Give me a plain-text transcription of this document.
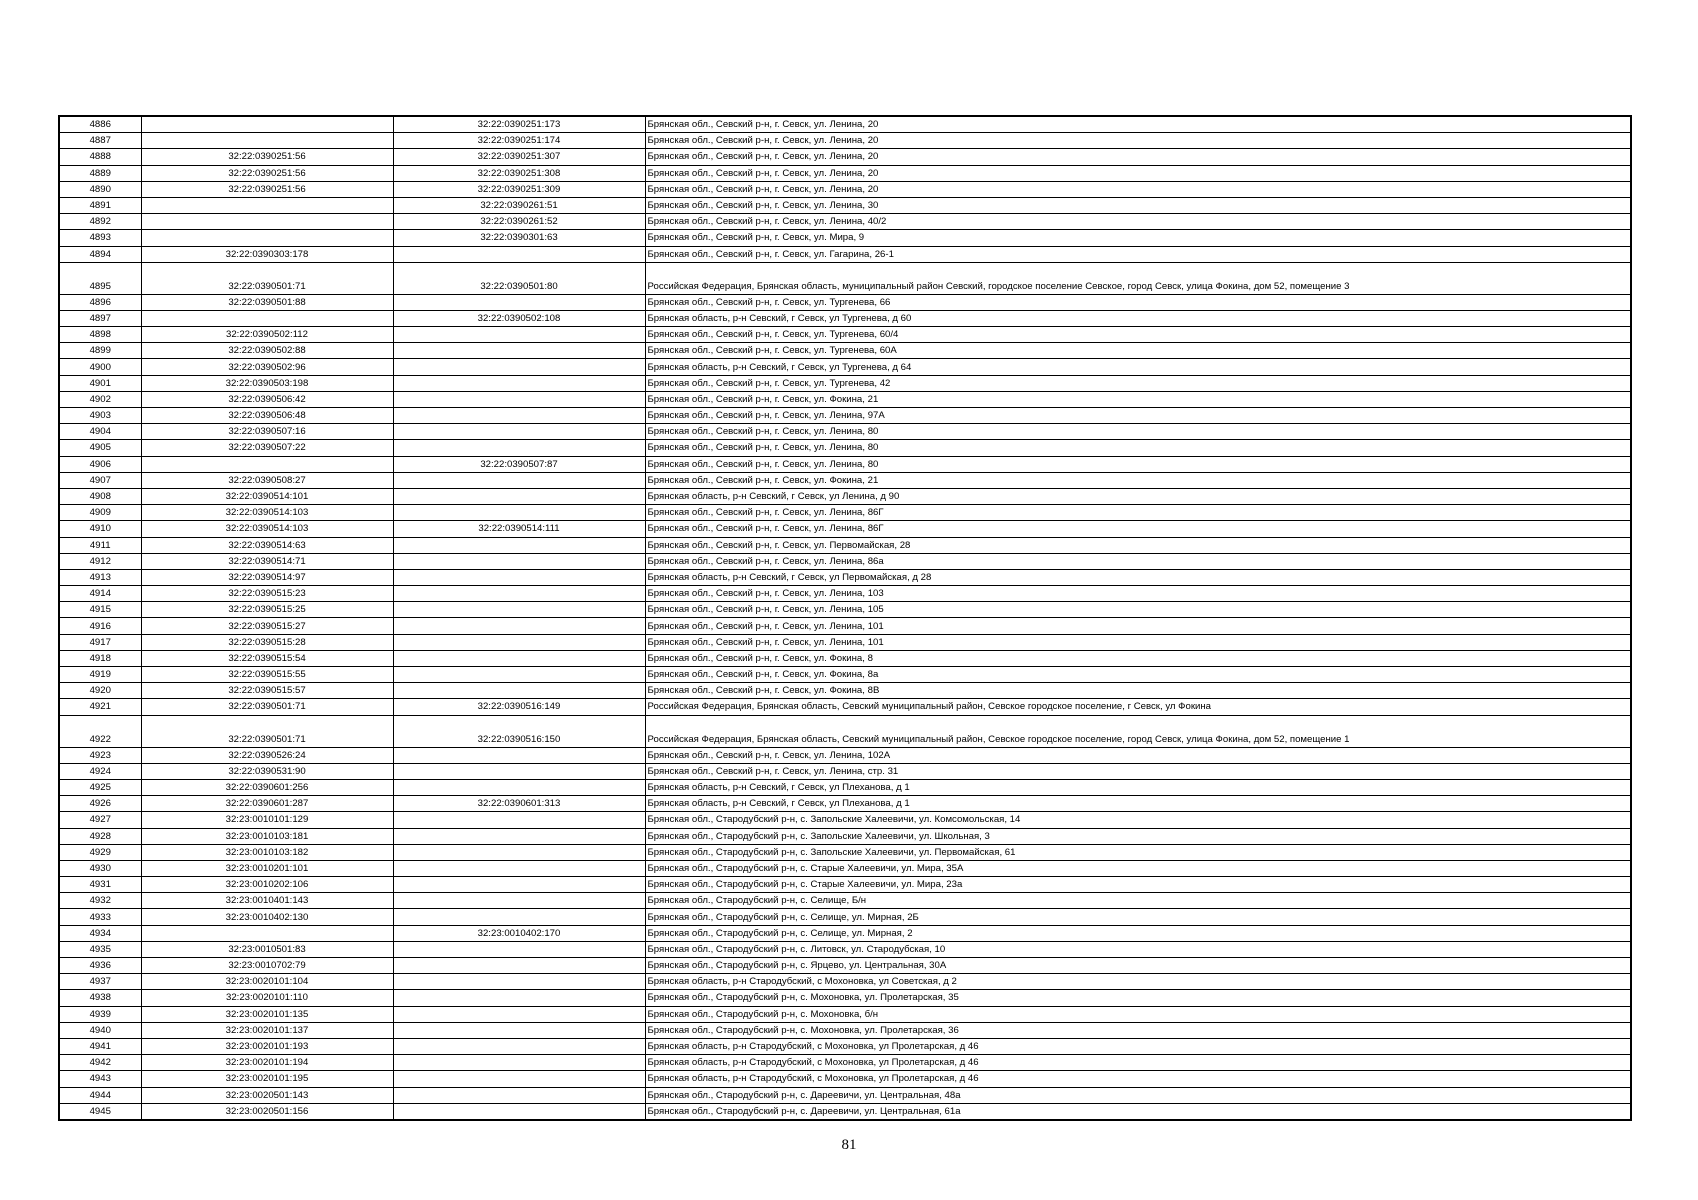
4886		32:22:0390251:173	Брянская обл., Севский р-н, г. Севск, ул. Ленина, 20
4887		32:22:0390251:174	Брянская обл., Севский р-н, г. Севск, ул. Ленина, 20
4888	32:22:0390251:56	32:22:0390251:307	Брянская обл., Севский р-н, г. Севск, ул. Ленина, 20
4889	32:22:0390251:56	32:22:0390251:308	Брянская обл., Севский р-н, г. Севск, ул. Ленина, 20
4890	32:22:0390251:56	32:22:0390251:309	Брянская обл., Севский р-н, г. Севск, ул. Ленина, 20
4891		32:22:0390261:51	Брянская обл., Севский р-н, г. Севск, ул. Ленина, 30
4892		32:22:0390261:52	Брянская обл., Севский р-н, г. Севск, ул. Ленина, 40/2
4893		32:22:0390301:63	Брянская обл., Севский р-н, г. Севск, ул. Мира, 9
4894	32:22:0390303:178		Брянская обл., Севский р-н, г. Севск, ул. Гагарина, 26-1
4895	32:22:0390501:71	32:22:0390501:80	Российская Федерация, Брянская область, муниципальный район Севский, городское поселение Севское, город Севск, улица Фокина, дом 52, помещение 3
4896	32:22:0390501:88		Брянская обл., Севский р-н, г. Севск, ул. Тургенева, 66
4897		32:22:0390502:108	Брянская область, р-н Севский, г Севск, ул Тургенева, д 60
4898	32:22:0390502:112		Брянская обл., Севский р-н, г. Севск, ул. Тургенева, 60/4
4899	32:22:0390502:88		Брянская обл., Севский р-н, г. Севск, ул. Тургенева, 60А
4900	32:22:0390502:96		Брянская область, р-н Севский, г Севск, ул Тургенева, д 64
4901	32:22:0390503:198		Брянская обл., Севский р-н, г. Севск, ул. Тургенева, 42
4902	32:22:0390506:42		Брянская обл., Севский р-н, г. Севск, ул. Фокина, 21
4903	32:22:0390506:48		Брянская обл., Севский р-н, г. Севск, ул. Ленина, 97А
4904	32:22:0390507:16		Брянская обл., Севский р-н, г. Севск, ул. Ленина, 80
4905	32:22:0390507:22		Брянская обл., Севский р-н, г. Севск, ул. Ленина, 80
4906		32:22:0390507:87	Брянская обл., Севский р-н, г. Севск, ул. Ленина, 80
4907	32:22:0390508:27		Брянская обл., Севский р-н, г. Севск, ул. Фокина, 21
4908	32:22:0390514:101		Брянская область, р-н Севский, г Севск, ул Ленина, д 90
4909	32:22:0390514:103		Брянская обл., Севский р-н, г. Севск, ул. Ленина, 86Г
4910	32:22:0390514:103	32:22:0390514:111	Брянская обл., Севский р-н, г. Севск, ул. Ленина, 86Г
4911	32:22:0390514:63		Брянская обл., Севский р-н, г. Севск, ул. Первомайская, 28
4912	32:22:0390514:71		Брянская обл., Севский р-н, г. Севск, ул. Ленина, 86а
4913	32:22:0390514:97		Брянская область, р-н Севский, г Севск, ул Первомайская, д 28
4914	32:22:0390515:23		Брянская обл., Севский р-н, г. Севск, ул. Ленина, 103
4915	32:22:0390515:25		Брянская обл., Севский р-н, г. Севск, ул. Ленина, 105
4916	32:22:0390515:27		Брянская обл., Севский р-н, г. Севск, ул. Ленина, 101
4917	32:22:0390515:28		Брянская обл., Севский р-н, г. Севск, ул. Ленина, 101
4918	32:22:0390515:54		Брянская обл., Севский р-н, г. Севск, ул. Фокина, 8
4919	32:22:0390515:55		Брянская обл., Севский р-н, г. Севск, ул. Фокина, 8а
4920	32:22:0390515:57		Брянская обл., Севский р-н, г. Севск, ул. Фокина, 8В
4921	32:22:0390501:71	32:22:0390516:149	Российская Федерация, Брянская область, Севский муниципальный район, Севское городское поселение, г Севск, ул Фокина
4922	32:22:0390501:71	32:22:0390516:150	Российская Федерация, Брянская область, Севский муниципальный район, Севское городское поселение, город Севск, улица Фокина, дом 52, помещение 1
4923	32:22:0390526:24		Брянская обл., Севский р-н, г. Севск, ул. Ленина, 102А
4924	32:22:0390531:90		Брянская обл., Севский р-н, г. Севск, ул. Ленина, стр. 31
4925	32:22:0390601:256		Брянская область, р-н Севский, г Севск, ул Плеханова, д 1
4926	32:22:0390601:287	32:22:0390601:313	Брянская область, р-н Севский, г Севск, ул Плеханова, д 1
4927	32:23:0010101:129		Брянская обл., Стародубский р-н, с. Запольские Халеевичи, ул. Комсомольская, 14
4928	32:23:0010103:181		Брянская обл., Стародубский р-н, с. Запольские Халеевичи, ул. Школьная, 3
4929	32:23:0010103:182		Брянская обл., Стародубский р-н, с. Запольские Халеевичи, ул. Первомайская, 61
4930	32:23:0010201:101		Брянская обл., Стародубский р-н, с. Старые Халеевичи, ул. Мира, 35А
4931	32:23:0010202:106		Брянская обл., Стародубский р-н, с. Старые Халеевичи, ул. Мира, 23а
4932	32:23:0010401:143		Брянская обл., Стародубский р-н, с. Селище, Б/н
4933	32:23:0010402:130		Брянская обл., Стародубский р-н, с. Селище, ул. Мирная, 2Б
4934		32:23:0010402:170	Брянская обл., Стародубский р-н, с. Селище, ул. Мирная, 2
4935	32:23:0010501:83		Брянская обл., Стародубский р-н, с. Литовск, ул. Стародубская, 10
4936	32:23:0010702:79		Брянская обл., Стародубский р-н, с. Ярцево, ул. Центральная, 30А
4937	32:23:0020101:104		Брянская область, р-н Стародубский, с Мохоновка, ул Советская, д 2
4938	32:23:0020101:110		Брянская обл., Стародубский р-н, с. Мохоновка, ул. Пролетарская, 35
4939	32:23:0020101:135		Брянская обл., Стародубский р-н, с. Мохоновка, б/н
4940	32:23:0020101:137		Брянская обл., Стародубский р-н, с. Мохоновка, ул. Пролетарская, 36
4941	32:23:0020101:193		Брянская область, р-н Стародубский, с Мохоновка, ул Пролетарская, д 46
4942	32:23:0020101:194		Брянская область, р-н Стародубский, с Мохоновка, ул Пролетарская, д 46
4943	32:23:0020101:195		Брянская область, р-н Стародубский, с Мохоновка, ул Пролетарская, д 46
4944	32:23:0020501:143		Брянская обл., Стародубский р-н, с. Дареевичи, ул. Центральная, 48а
4945	32:23:0020501:156		Брянская обл., Стародубский р-н, с. Дареевичи, ул. Центральная, 61а
81
